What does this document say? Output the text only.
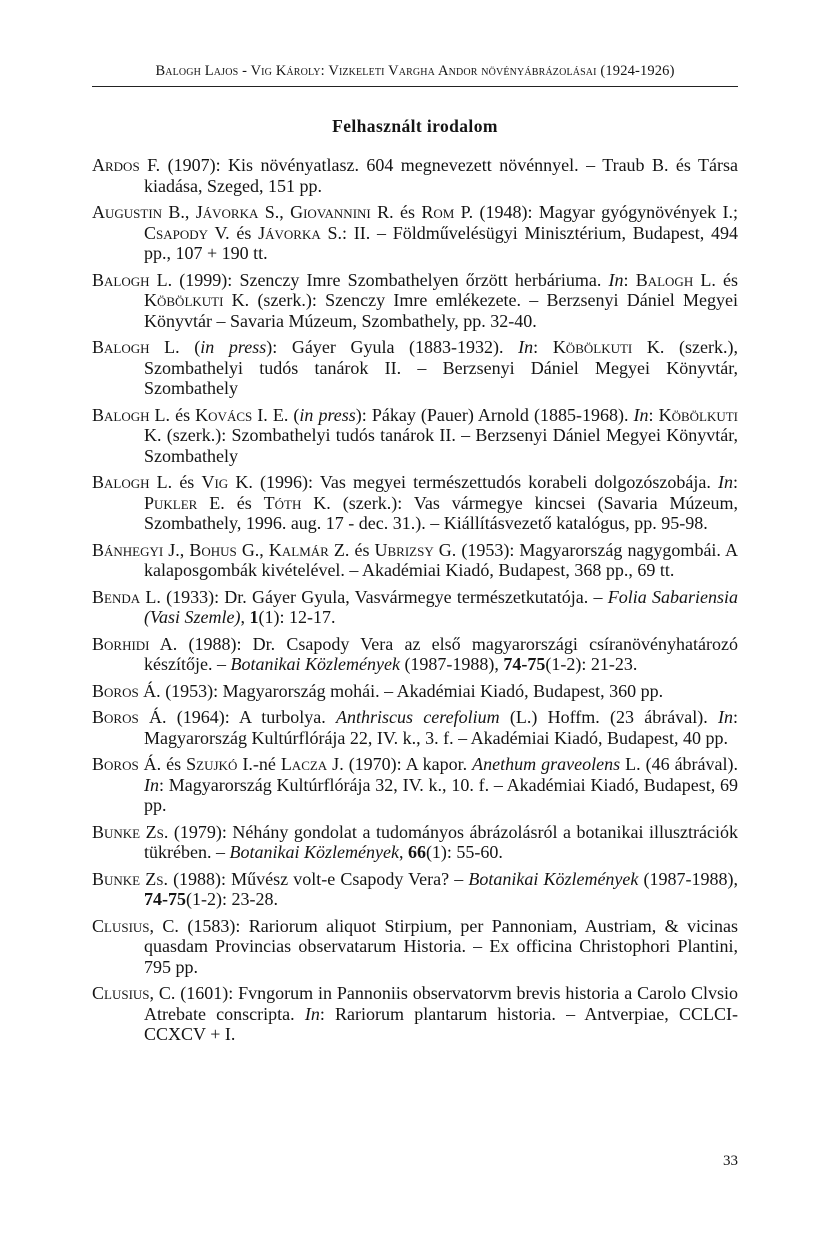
Balogh Lajos - Vig Károly: Vizkeleti Vargha Andor növényábrázolásai (1924-1926)
Felhasznált irodalom
Ardos F. (1907): Kis növényatlasz. 604 megnevezett növénnyel. – Traub B. és Társa kiadása, Szeged, 151 pp.
Augustin B., Jávorka S., Giovannini R. és Rom P. (1948): Magyar gyógynövények I.; Csapody V. és Jávorka S.: II. – Földművelésügyi Minisztérium, Budapest, 494 pp., 107 + 190 tt.
Balogh L. (1999): Szenczy Imre Szombathelyen őrzött herbáriuma. In: Balogh L. és Köbölkuti K. (szerk.): Szenczy Imre emlékezete. – Berzsenyi Dániel Megyei Könyvtár – Savaria Múzeum, Szombathely, pp. 32-40.
Balogh L. (in press): Gáyer Gyula (1883-1932). In: Köbölkuti K. (szerk.), Szombathelyi tudós tanárok II. – Berzsenyi Dániel Megyei Könyvtár, Szombathely
Balogh L. és Kovács I. E. (in press): Pákay (Pauer) Arnold (1885-1968). In: Köbölkuti K. (szerk.): Szombathelyi tudós tanárok II. – Berzsenyi Dániel Megyei Könyvtár, Szombathely
Balogh L. és Vig K. (1996): Vas megyei természettudós korabeli dolgozószobája. In: Pukler E. és Tóth K. (szerk.): Vas vármegye kincsei (Savaria Múzeum, Szombathely, 1996. aug. 17 - dec. 31.). – Kiállításvezető katalógus, pp. 95-98.
Bánhegyi J., Bohus G., Kalmár Z. és Ubrizsy G. (1953): Magyarország nagygombái. A kalaposgombák kivételével. – Akadémiai Kiadó, Budapest, 368 pp., 69 tt.
Benda L. (1933): Dr. Gáyer Gyula, Vasvármegye természetkutatója. – Folia Sabariensia (Vasi Szemle), 1(1): 12-17.
Borhidi A. (1988): Dr. Csapody Vera az első magyarországi csíranövényhatározó készítője. – Botanikai Közlemények (1987-1988), 74-75(1-2): 21-23.
Boros Á. (1953): Magyarország mohái. – Akadémiai Kiadó, Budapest, 360 pp.
Boros Á. (1964): A turbolya. Anthriscus cerefolium (L.) Hoffm. (23 ábrával). In: Magyarország Kultúrflórája 22, IV. k., 3. f. – Akadémiai Kiadó, Budapest, 40 pp.
Boros Á. és Szujkó I.-né Lacza J. (1970): A kapor. Anethum graveolens L. (46 ábrával). In: Magyarország Kultúrflórája 32, IV. k., 10. f. – Akadémiai Kiadó, Budapest, 69 pp.
Bunke Zs. (1979): Néhány gondolat a tudományos ábrázolásról a botanikai illusztrációk tükrében. – Botanikai Közlemények, 66(1): 55-60.
Bunke Zs. (1988): Művész volt-e Csapody Vera? – Botanikai Közlemények (1987-1988), 74-75(1-2): 23-28.
Clusius, C. (1583): Rariorum aliquot Stirpium, per Pannoniam, Austriam, & vicinas quasdam Provincias observatarum Historia. – Ex officina Christophori Plantini, 795 pp.
Clusius, C. (1601): Fvngorum in Pannoniis observatorvm brevis historia a Carolo Clvsio Atrebate conscripta. In: Rariorum plantarum historia. – Antverpiae, CCLCI-CCXCV + I.
33
